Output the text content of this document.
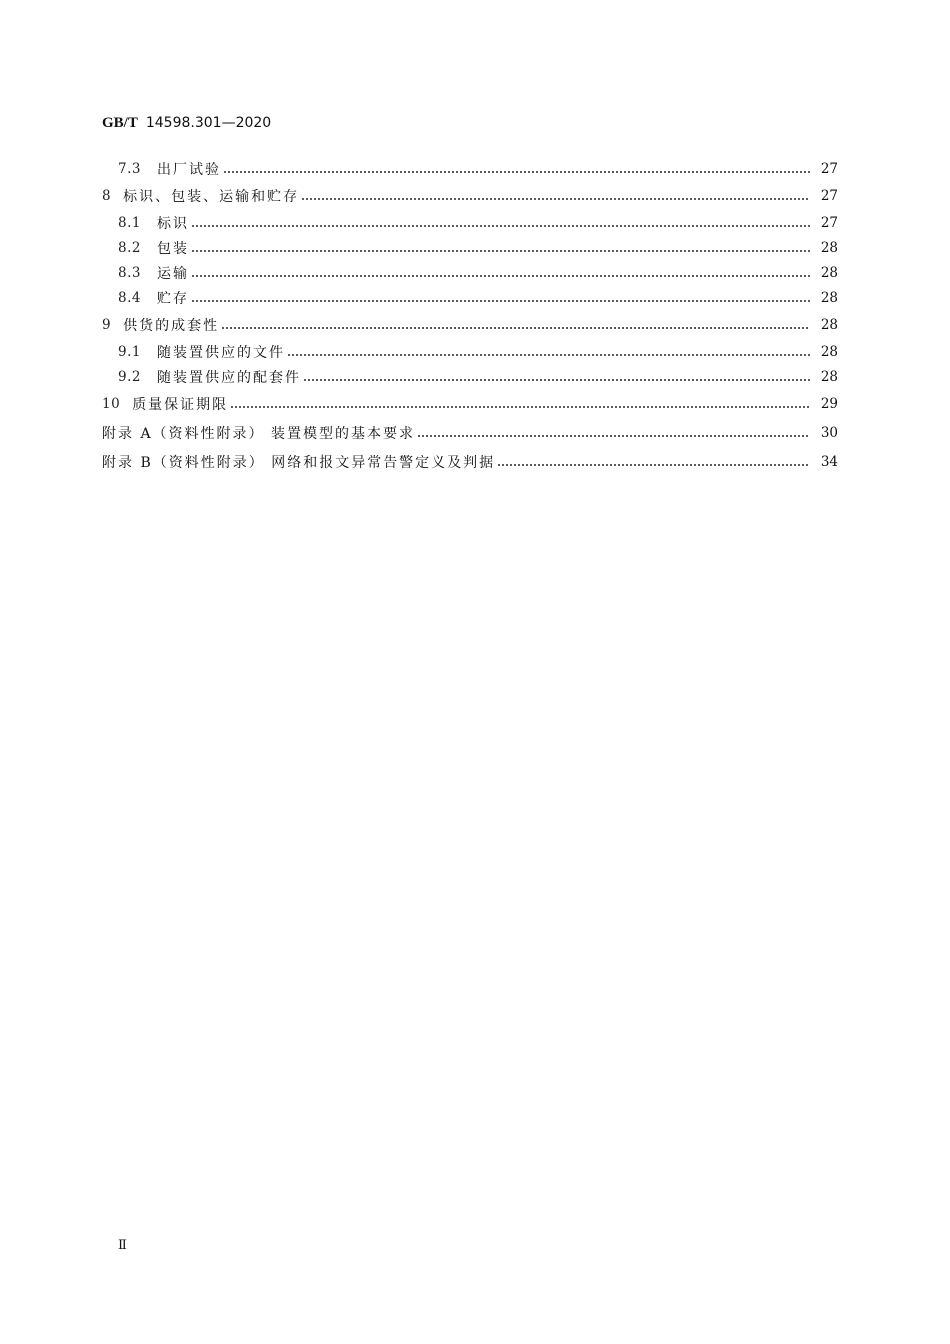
GB/T 14598.301—2020
7.3	出厂试验	27
8 标识、包装、运输和贮存	27
8.1	标识	27
8.2	包装	28
8.3	运输	28
8.4	贮存	28
9 供货的成套性	28
9.1	随装置供应的文件	28
9.2	随装置供应的配套件	28
10 质量保证期限	29
附录 A（资料性附录） 装置模型的基本要求	30
附录 B（资料性附录） 网络和报文异常告警定义及判据	34
Ⅱ
